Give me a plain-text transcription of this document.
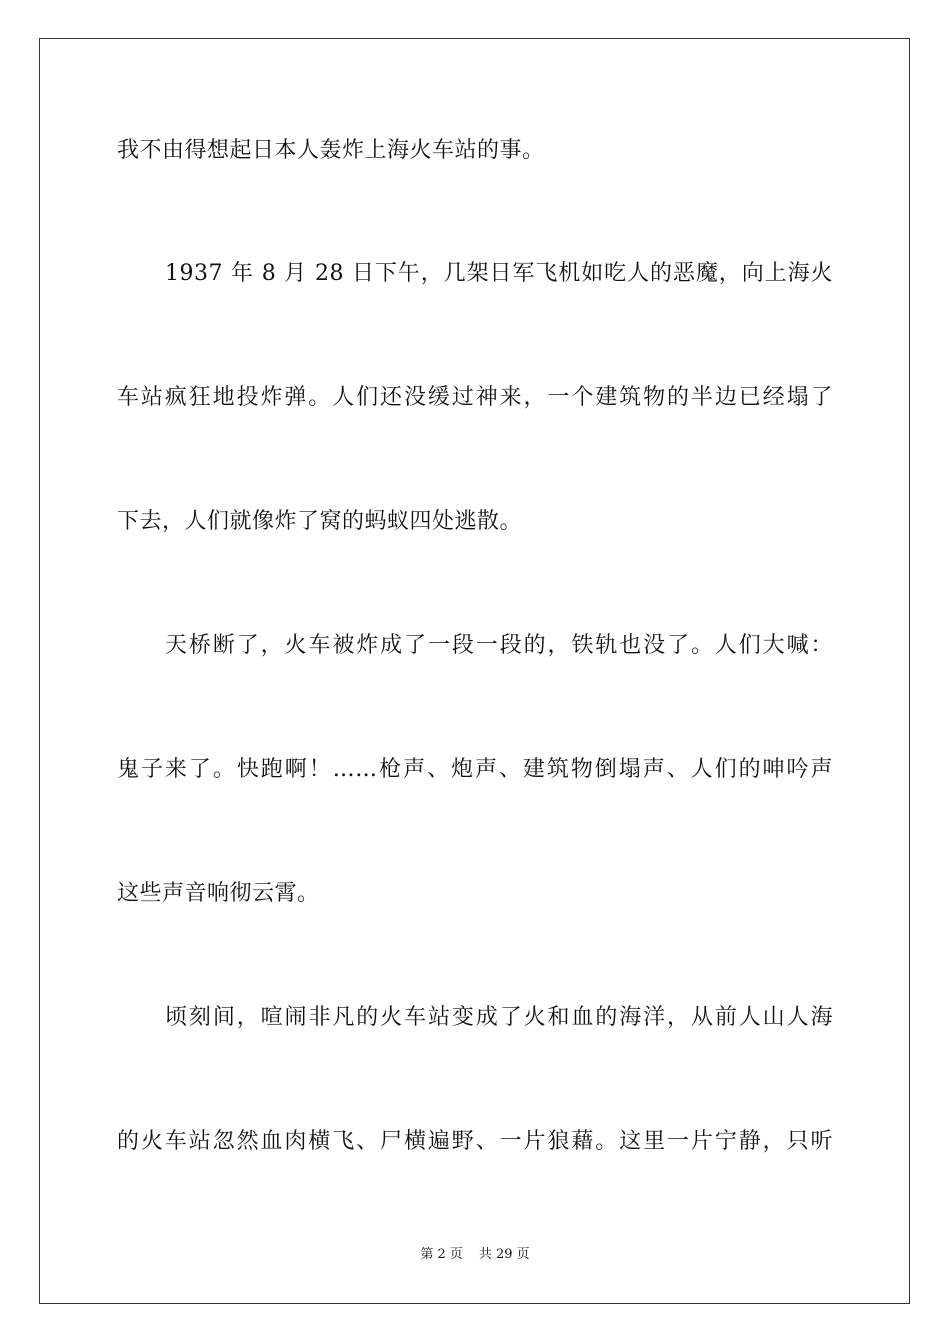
我不由得想起日本人轰炸上海火车站的事。
1937 年 8 月 28 日下午，几架日军飞机如吃人的恶魔，向上海火
车站疯狂地投炸弹。人们还没缓过神来，一个建筑物的半边已经塌了
下去，人们就像炸了窝的蚂蚁四处逃散。
天桥断了，火车被炸成了一段一段的，铁轨也没了。人们大喊：
鬼子来了。快跑啊！……枪声、炮声、建筑物倒塌声、人们的呻吟声
这些声音响彻云霄。
顷刻间，喧闹非凡的火车站变成了火和血的海洋，从前人山人海
的火车站忽然血肉横飞、尸横遍野、一片狼藉。这里一片宁静，只听
第 2 页 共 29 页
